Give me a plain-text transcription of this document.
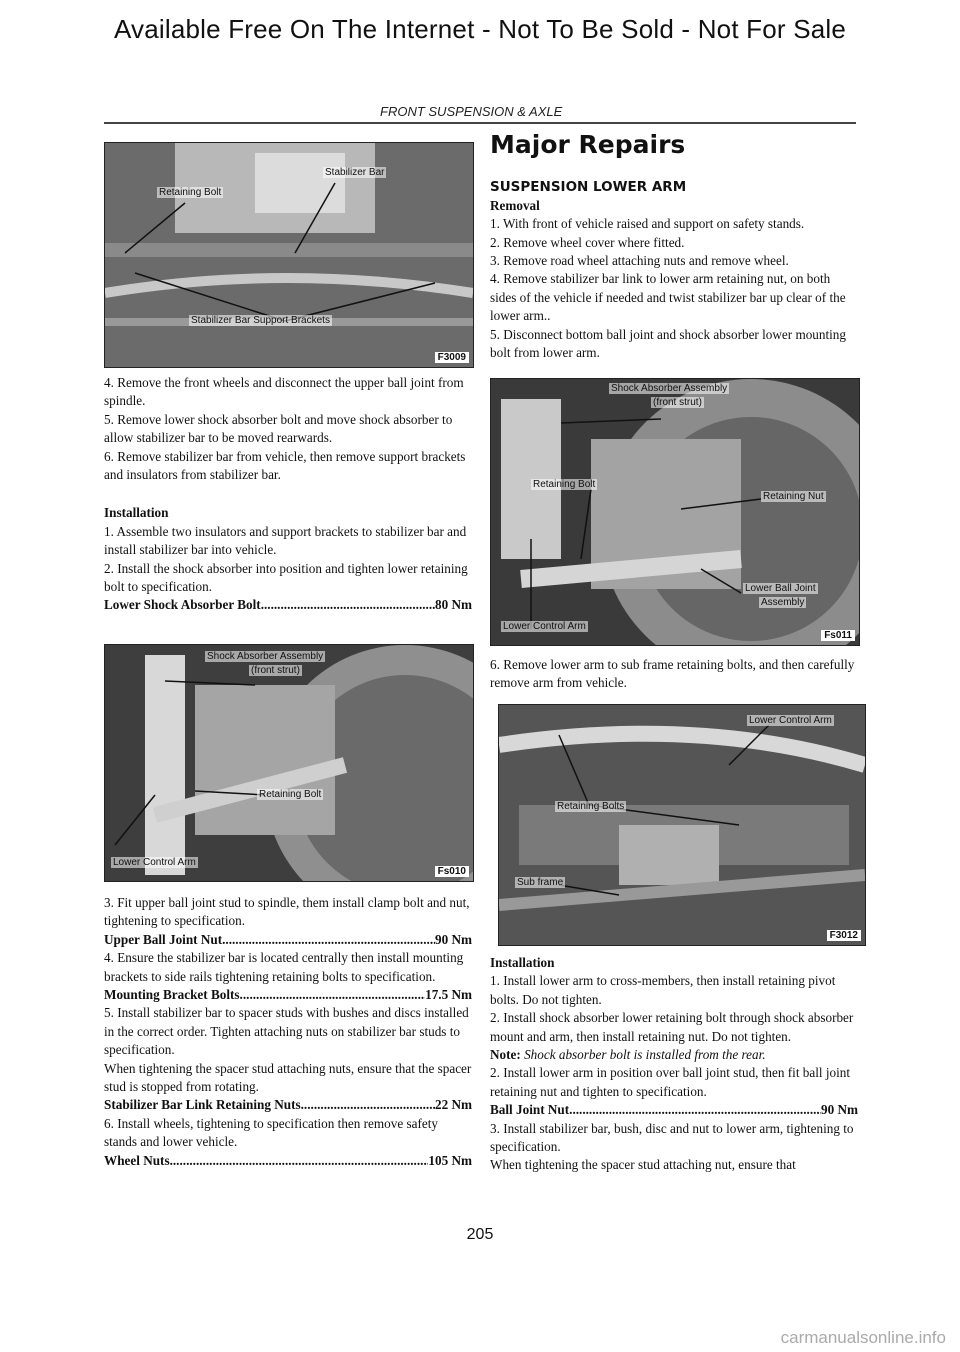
Available Free On The Internet - Not To Be Sold - Not For Sale
FRONT SUSPENSION & AXLE
Stabilizer Bar
Retaining Bolt
Stabilizer Bar Support Brackets
F3009

4. Remove the front wheels and disconnect the upper ball joint from spindle.

5. Remove lower shock absorber bolt and move shock absorber to allow stabilizer bar to be moved rearwards.

6. Remove stabilizer bar from vehicle, then remove support brackets and insulators from stabilizer bar.

Installation

1. Assemble two insulators and support brackets to stabilizer bar and install stabilizer bar into vehicle.

2. Install the shock absorber into position and tighten lower retaining bolt to specification.

Lower Shock Absorber Bolt .....	80 Nm
Shock Absorber Assembly
(front strut)
Retaining Bolt
Lower Control Arm
Fs010

3. Fit upper ball joint stud to spindle, them install clamp bolt and nut, tightening to specification.

Upper Ball Joint Nut .....	90 Nm

4. Ensure the stabilizer bar is located centrally then install mounting brackets to side rails tightening retaining bolts to specification.

Mounting Bracket Bolts .....	17.5 Nm

5. Install stabilizer bar to spacer studs with bushes and discs installed in the correct order. Tighten attaching nuts on stabilizer bar studs to specification.

When tightening the spacer stud attaching nuts, ensure that the spacer stud is stopped from rotating.

Stabilizer Bar Link Retaining Nuts .....	22 Nm

6. Install wheels, tightening to specification then remove safety stands and lower vehicle.

Wheel Nuts .....	105 Nm
Major Repairs
SUSPENSION LOWER ARM

Removal

1. With front of vehicle raised and support on safety stands.

2. Remove wheel cover where fitted.

3. Remove road wheel attaching nuts and remove wheel.

4. Remove stabilizer bar link to lower arm retaining nut, on both sides of the vehicle if needed and twist stabilizer bar up clear of the lower arm..

5. Disconnect bottom ball joint and shock absorber lower mounting bolt from lower arm.

Shock Absorber Assembly
(front strut)
Retaining Bolt
Retaining Nut
Lower Ball Joint
Assembly
Lower Control Arm
Fs011

6. Remove lower arm to sub frame retaining bolts, and then carefully remove arm from vehicle.

Lower Control Arm
Retaining Bolts
Sub frame
F3012

Installation

1. Install lower arm to cross-members, then install retaining pivot bolts. Do not tighten.

2. Install shock absorber lower retaining bolt through shock absorber mount and arm, then install retaining nut. Do not tighten.

Note: Shock absorber bolt is installed from the rear.

2. Install lower arm in position over ball joint stud, then fit ball joint retaining nut and tighten to specification.

Ball Joint Nut .....	90 Nm

3. Install stabilizer bar, bush, disc and nut to lower arm, tightening to specification.

When tightening the spacer stud attaching nut, ensure that

205
carmanualsonline.info
